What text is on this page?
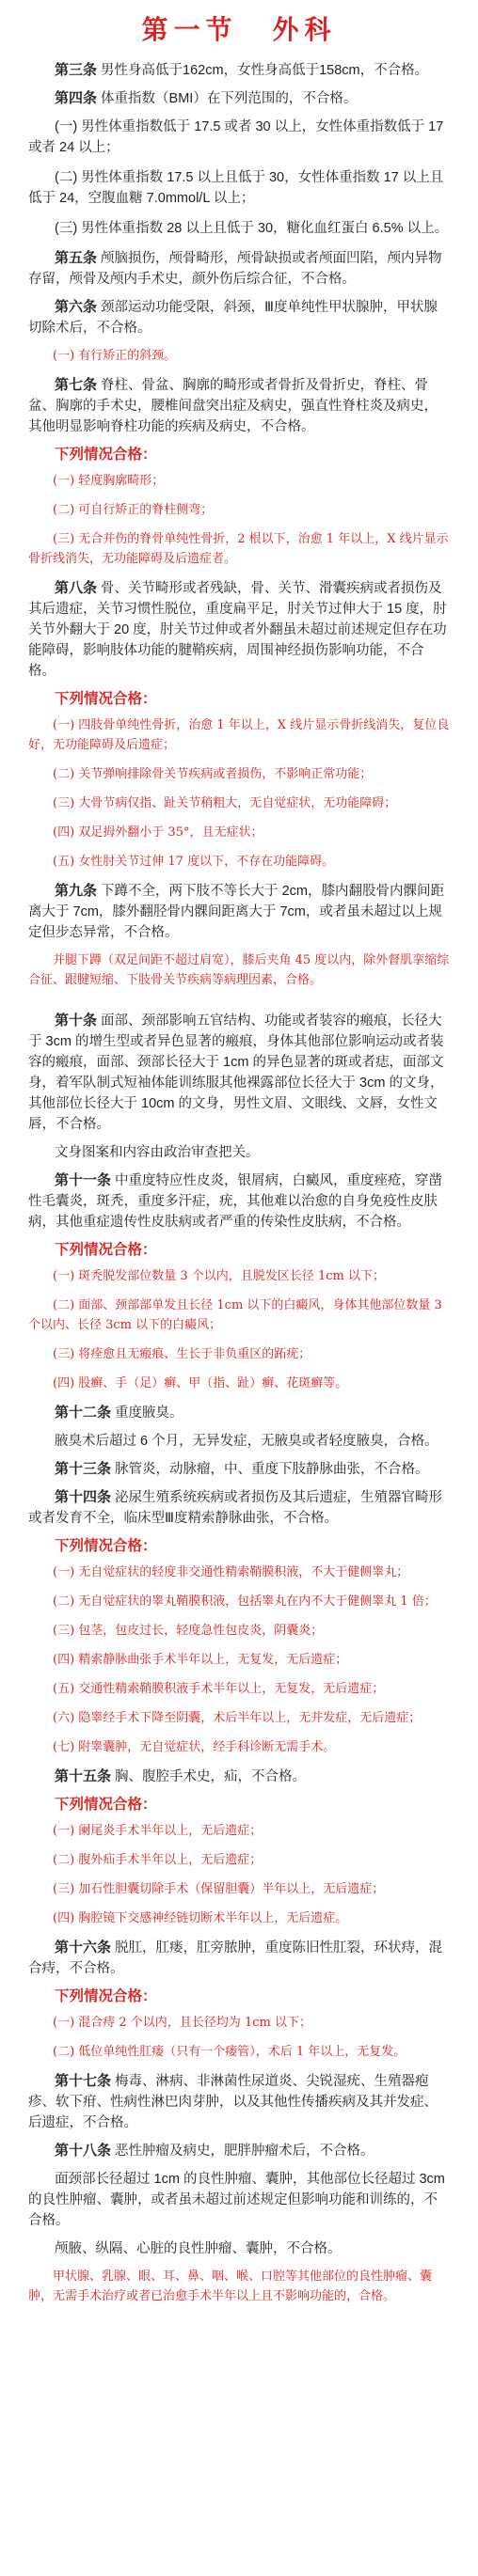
第一节 外科

第三条 男性身高低于162cm，女性身高低于158cm，不合格。

第四条 体重指数（BMI）在下列范围的，不合格。

(一) 男性体重指数低于 17.5 或者 30 以上，女性体重指数低于 17 或者 24 以上；

(二) 男性体重指数 17.5 以上且低于 30，女性体重指数 17 以上且低于 24，空腹血糖 7.0mmol/L 以上；

(三) 男性体重指数 28 以上且低于 30，糖化血红蛋白 6.5% 以上。

第五条 颅脑损伤，颅骨畸形，颅骨缺损或者颅面凹陷，颅内异物存留，颅骨及颅内手术史，颜外伤后综合征，不合格。

第六条 颈部运动功能受限，斜颈，Ⅲ度单纯性甲状腺肿，甲状腺切除术后，不合格。

(一) 有行矫正的斜颈。

第七条 脊柱、骨盆、胸廓的畸形或者骨折及骨折史，脊柱、骨盆、胸廓的手术史，腰椎间盘突出症及病史，强直性脊柱炎及病史，其他明显影响脊柱功能的疾病及病史，不合格。

下列情况合格：

(一) 轻度胸廓畸形；

(二) 可自行矫正的脊柱侧弯；

(三) 无合并伤的脊骨单纯性骨折，2 根以下，治愈 1 年以上，X 线片显示骨折线消失，无功能障碍及后遗症者。

第八条 骨、关节畸形或者残缺，骨、关节、滑囊疾病或者损伤及其后遗症，关节习惯性脱位，重度扁平足，肘关节过伸大于 15 度，肘关节外翻大于 20 度，肘关节过伸或者外翻虽未超过前述规定但存在功能障碍，影响肢体功能的腱鞘疾病，周围神经损伤影响功能，不合格。

下列情况合格：

(一) 四肢骨单纯性骨折，治愈 1 年以上，X 线片显示骨折线消失，复位良好，无功能障碍及后遗症；

(二) 关节弹响排除骨关节疾病或者损伤，不影响正常功能；

(三) 大骨节病仅指、趾关节稍粗大，无自觉症状，无功能障碍；

(四) 双足拇外翻小于 35°，且无症状；

(五) 女性肘关节过伸 17 度以下，不存在功能障碍。

第九条 下蹲不全，两下肢不等长大于 2cm，膝内翻股骨内髁间距离大于 7cm，膝外翻胫骨内髁间距离大于 7cm，或者虽未超过以上规定但步态异常，不合格。

并腿下蹲（双足间距不超过肩宽），膝后夹角 45 度以内，除外督肌挛缩综合征、跟腱短缩、下肢骨关节疾病等病理因素，合格。

第十条 面部、颈部影响五官结构、功能或者装容的瘢痕，长径大于 3cm 的增生型或者异色显著的瘢痕，身体其他部位影响运动或者装容的瘢痕，面部、颈部长径大于 1cm 的异色显著的斑或者痣，面部文身，着军队制式短袖体能训练服其他裸露部位长径大于 3cm 的文身，其他部位长径大于 10cm 的文身，男性文眉、文眼线、文唇，女性文唇，不合格。

文身图案和内容由政治审查把关。

第十一条 中重度特应性皮炎，银屑病，白癜风，重度痤疮，穿凿性毛囊炎，斑秃，重度多汗症，疣，其他难以治愈的自身免疫性皮肤病，其他重症遗传性皮肤病或者严重的传染性皮肤病，不合格。

下列情况合格：

(一) 斑秃脱发部位数量 3 个以内，且脱发区长径 1cm 以下；

(二) 面部、颈部部单发且长径 1cm 以下的白癜风，身体其他部位数量 3 个以内、长径 3cm 以下的白癜风；

(三) 将痊愈且无瘢痕、生长于非负重区的跖疣；

(四) 股癣、手（足）癣、甲（指、趾）癣、花斑癣等。

第十二条 重度腋臭。

腋臭术后超过 6 个月，无异发症，无腋臭或者轻度腋臭，合格。

第十三条 脉管炎，动脉瘤，中、重度下肢静脉曲张，不合格。

第十四条 泌尿生殖系统疾病或者损伤及其后遗症，生殖器官畸形或者发育不全，临床型Ⅲ度精索静脉曲张，不合格。

下列情况合格：

(一) 无自觉症状的轻度非交通性精索鞘膜积液，不大于健侧睾丸；

(二) 无自觉症状的睾丸鞘膜积液，包括睾丸在内不大于健侧睾丸 1 倍；

(三) 包茎，包皮过长，轻度急性包皮炎，阴囊炎；

(四) 精索静脉曲张手术半年以上，无复发，无后遗症；

(五) 交通性精索鞘膜积液手术半年以上，无复发，无后遗症；

(六) 隐睾经手术下降至阴囊，术后半年以上，无并发症，无后遗症；

(七) 附睾囊肿，无自觉症状，经手科诊断无需手术。

第十五条 胸、腹腔手术史，疝，不合格。

下列情况合格：

(一) 阑尾炎手术半年以上，无后遗症；

(二) 腹外疝手术半年以上，无后遗症；

(三) 加石性胆囊切除手术（保留胆囊）半年以上，无后遗症；

(四) 胸腔镜下交感神经链切断术半年以上，无后遗症。

第十六条 脱肛，肛瘘，肛旁脓肿，重度陈旧性肛裂，环状痔，混合痔，不合格。

下列情况合格：

(一) 混合痔 2 个以内，且长径均为 1cm 以下；

(二) 低位单纯性肛瘘（只有一个瘘管），术后 1 年以上，无复发。

第十七条 梅毒、淋病、非淋菌性尿道炎、尖锐湿疣、生殖器疱疹、软下疳、性病性淋巴肉芽肿，以及其他性传播疾病及其并发症、后遗症，不合格。

第十八条 恶性肿瘤及病史，肥胖肿瘤术后，不合格。

面颈部长径超过 1cm 的良性肿瘤、囊肿，其他部位长径超过 3cm 的良性肿瘤、囊肿，或者虽未超过前述规定但影响功能和训练的，不合格。

颅腋、纵隔、心脏的良性肿瘤、囊肿，不合格。

甲状腺、乳腺、眼、耳、鼻、咽、喉、口腔等其他部位的良性肿瘤、囊肿，无需手术治疗或者已治愈手术半年以上且不影响功能的，合格。
